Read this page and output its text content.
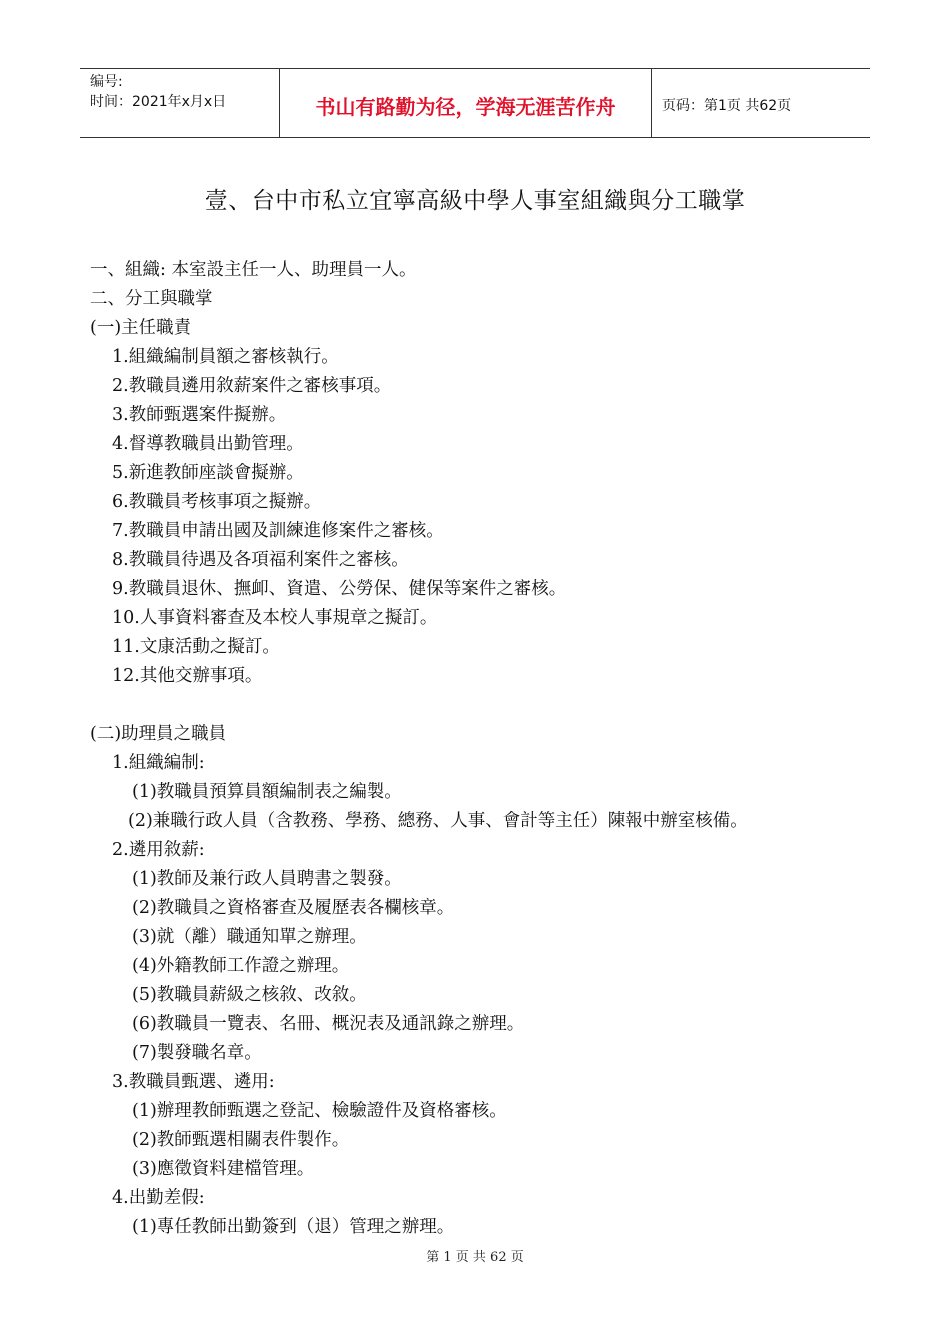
编号:
时间：2021年x月x日	书山有路勤为径，学海无涯苦作舟	页码：第1页 共62页
壹、台中市私立宜寧高級中學人事室組織與分工職掌
一、組織: 本室設主任一人、助理員一人。
二、分工與職掌
(一)主任職責
1.組織編制員額之審核執行。
2.教職員遴用敘薪案件之審核事項。
3.教師甄選案件擬辦。
4.督導教職員出勤管理。
5.新進教師座談會擬辦。
6.教職員考核事項之擬辦。
7.教職員申請出國及訓練進修案件之審核。
8.教職員待遇及各項福利案件之審核。
9.教職員退休、撫卹、資遣、公勞保、健保等案件之審核。
10.人事資料審查及本校人事規章之擬訂。
11.文康活動之擬訂。
12.其他交辦事項。
(二)助理員之職員
1.組織編制:
(1)教職員預算員額編制表之編製。
(2)兼職行政人員（含教務、學務、總務、人事、會計等主任）陳報中辦室核備。
2.遴用敘薪:
(1)教師及兼行政人員聘書之製發。
(2)教職員之資格審查及履歷表各欄核章。
(3)就（離）職通知單之辦理。
(4)外籍教師工作證之辦理。
(5)教職員薪級之核敘、改敘。
(6)教職員一覽表、名冊、概況表及通訊錄之辦理。
(7)製發職名章。
3.教職員甄選、遴用:
(1)辦理教師甄選之登記、檢驗證件及資格審核。
(2)教師甄選相關表件製作。
(3)應徵資料建檔管理。
4.出勤差假:
(1)專任教師出勤簽到（退）管理之辦理。
第 1 页 共 62 页
